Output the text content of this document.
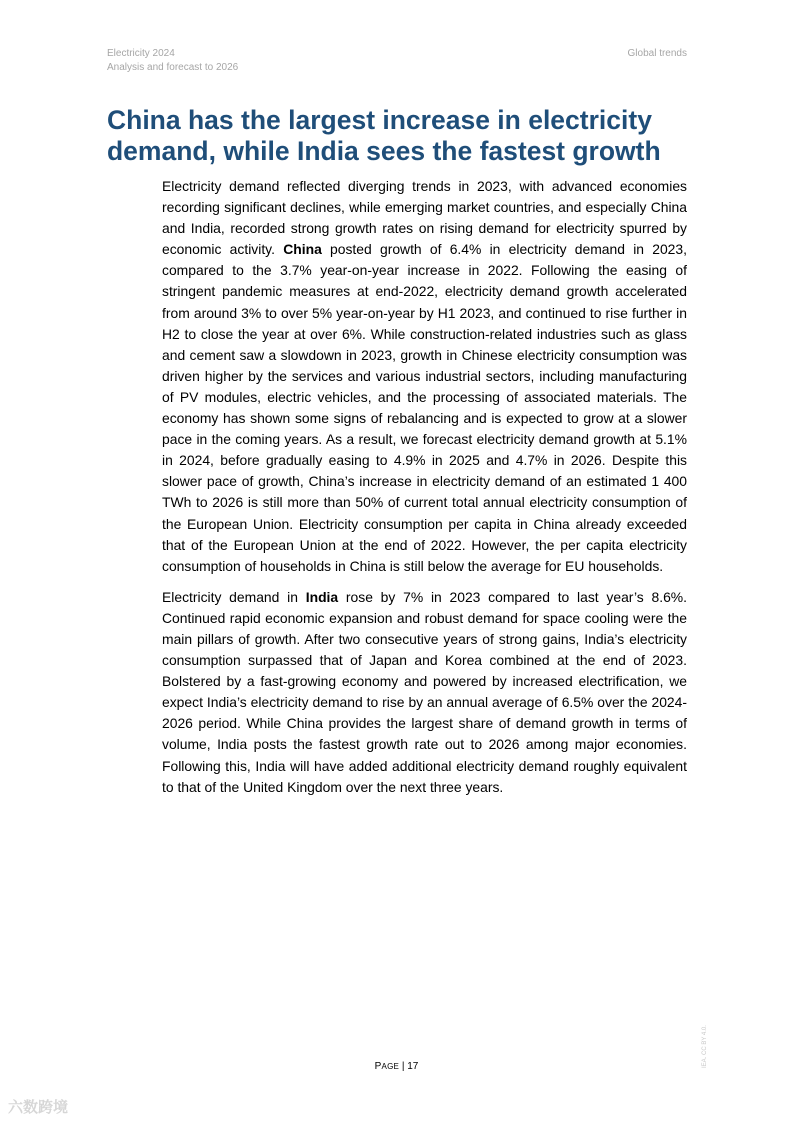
Electricity 2024
Analysis and forecast to 2026
Global trends
China has the largest increase in electricity demand, while India sees the fastest growth

Electricity demand reflected diverging trends in 2023, with advanced economies recording significant declines, while emerging market countries, and especially China and India, recorded strong growth rates on rising demand for electricity spurred by economic activity. China posted growth of 6.4% in electricity demand in 2023, compared to the 3.7% year-on-year increase in 2022. Following the easing of stringent pandemic measures at end-2022, electricity demand growth accelerated from around 3% to over 5% year-on-year by H1 2023, and continued to rise further in H2 to close the year at over 6%. While construction-related industries such as glass and cement saw a slowdown in 2023, growth in Chinese electricity consumption was driven higher by the services and various industrial sectors, including manufacturing of PV modules, electric vehicles, and the processing of associated materials. The economy has shown some signs of rebalancing and is expected to grow at a slower pace in the coming years. As a result, we forecast electricity demand growth at 5.1% in 2024, before gradually easing to 4.9% in 2025 and 4.7% in 2026. Despite this slower pace of growth, China’s increase in electricity demand of an estimated 1 400 TWh to 2026 is still more than 50% of current total annual electricity consumption of the European Union. Electricity consumption per capita in China already exceeded that of the European Union at the end of 2022. However, the per capita electricity consumption of households in China is still below the average for EU households.

Electricity demand in India rose by 7% in 2023 compared to last year’s 8.6%. Continued rapid economic expansion and robust demand for space cooling were the main pillars of growth. After two consecutive years of strong gains, India’s electricity consumption surpassed that of Japan and Korea combined at the end of 2023. Bolstered by a fast-growing economy and powered by increased electrification, we expect India’s electricity demand to rise by an annual average of 6.5% over the 2024-2026 period. While China provides the largest share of demand growth in terms of volume, India posts the fastest growth rate out to 2026 among major economies. Following this, India will have added additional electricity demand roughly equivalent to that of the United Kingdom over the next three years.

IEA. CC BY 4.0.
PAGE | 17
六数跨境
